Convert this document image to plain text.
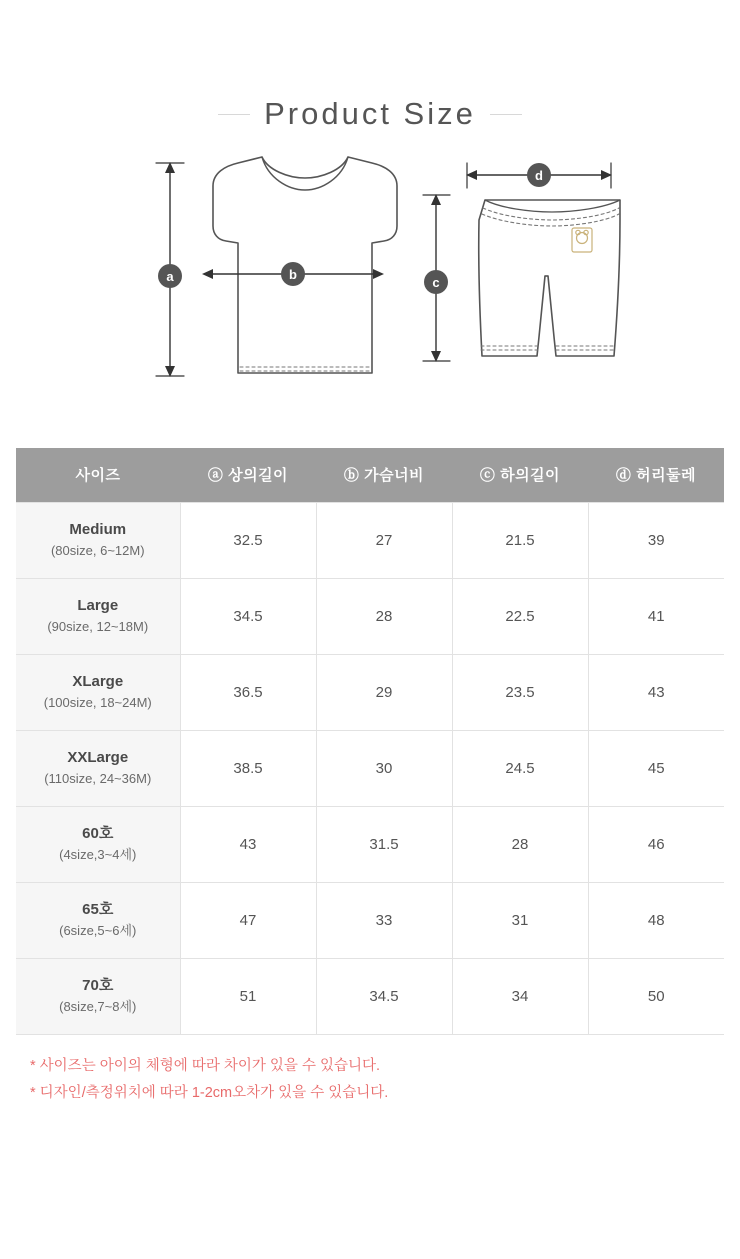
Product Size
a	b
c
d
사이즈	ⓐ 상의길이	ⓑ 가슴너비	ⓒ 하의길이	ⓓ 허리둘레

Medium
(80size, 6~12M)	32.5	27	21.5	39

Large
(90size, 12~18M)	34.5	28	22.5	41

XLarge
(100size, 18~24M)	36.5	29	23.5	43

XXLarge
(110size, 24~36M)	38.5	30	24.5	45

60호
(4size,3~4세)	43	31.5	28	46

65호
(6size,5~6세)	47	33	31	48

70호
(8size,7~8세)	51	34.5	34	50
* 사이즈는 아이의 체형에 따라 차이가 있을 수 있습니다.
* 디자인/측정위치에 따라 1-2cm오차가 있을 수 있습니다.
